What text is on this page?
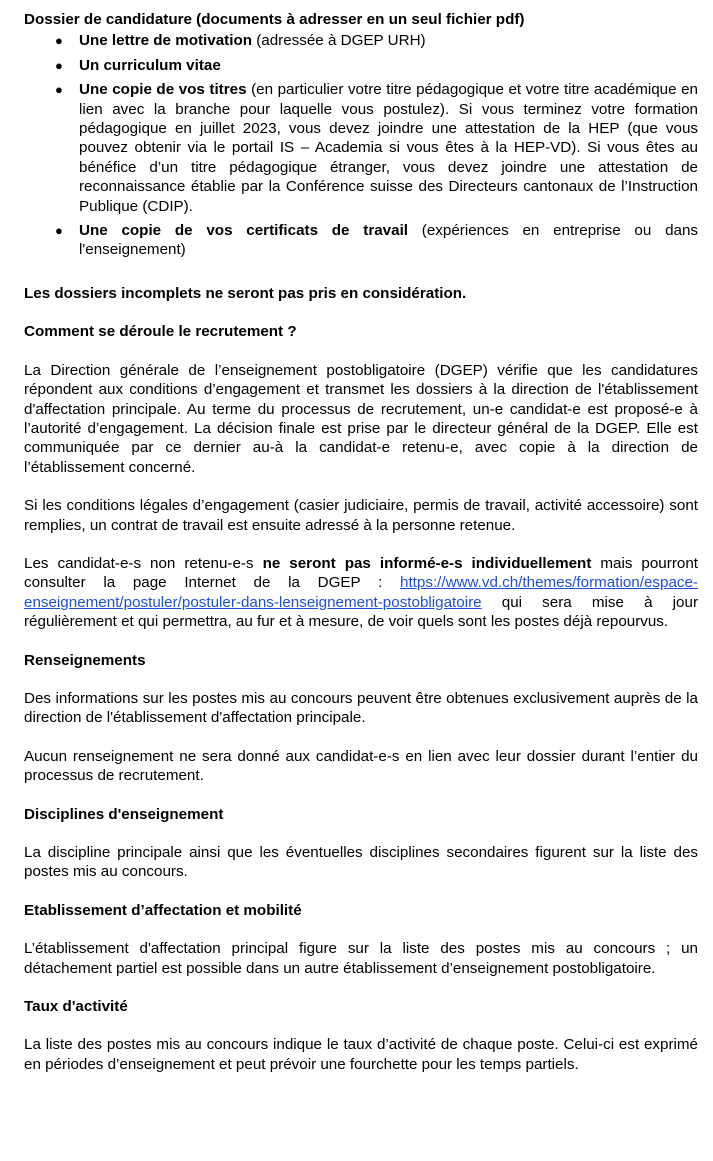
Dossier de candidature (documents à adresser en un seul fichier pdf)

● Une lettre de motivation (adressée à DGEP URH)
● Un curriculum vitae
● Une copie de vos titres (en particulier votre titre pédagogique et votre titre académique en lien avec la branche pour laquelle vous postulez). Si vous terminez votre formation pédagogique en juillet 2023, vous devez joindre une attestation de la HEP (que vous pouvez obtenir via le portail IS – Academia si vous êtes à la HEP-VD). Si vous êtes au bénéfice d’un titre pédagogique étranger, vous devez joindre une attestation de reconnaissance établie par la Conférence suisse des Directeurs cantonaux de l’Instruction Publique (CDIP).
● Une copie de vos certificats de travail (expériences en entreprise ou dans l'enseignement)

Les dossiers incomplets ne seront pas pris en considération.

Comment se déroule le recrutement ?

La Direction générale de l’enseignement postobligatoire (DGEP) vérifie que les candidatures répondent aux conditions d’engagement et transmet les dossiers à la direction de l'établissement d'affectation principale. Au terme du processus de recrutement, un-e candidat-e est proposé-e à l’autorité d’engagement. La décision finale est prise par le directeur général de la DGEP. Elle est communiquée par ce dernier au-à la candidat-e retenu-e, avec copie à la direction de l’établissement concerné.

Si les conditions légales d’engagement (casier judiciaire, permis de travail, activité accessoire) sont remplies, un contrat de travail est ensuite adressé à la personne retenue.

Les candidat-e-s non retenu-e-s ne seront pas informé-e-s individuellement mais pourront consulter la page Internet de la DGEP : https://www.vd.ch/themes/formation/espace-enseignement/postuler/postuler-dans-lenseignement-postobligatoire qui sera mise à jour régulièrement et qui permettra, au fur et à mesure, de voir quels sont les postes déjà repourvus.

Renseignements

Des informations sur les postes mis au concours peuvent être obtenues exclusivement auprès de la direction de l'établissement d'affectation principale.

Aucun renseignement ne sera donné aux candidat-e-s en lien avec leur dossier durant l’entier du processus de recrutement.

Disciplines d'enseignement

La discipline principale ainsi que les éventuelles disciplines secondaires figurent sur la liste des postes mis au concours.

Etablissement d’affectation et mobilité

L’établissement d'affectation principal figure sur la liste des postes mis au concours ; un détachement partiel est possible dans un autre établissement d’enseignement postobligatoire.

Taux d'activité

La liste des postes mis au concours indique le taux d’activité de chaque poste. Celui-ci est exprimé en périodes d’enseignement et peut prévoir une fourchette pour les temps partiels.
